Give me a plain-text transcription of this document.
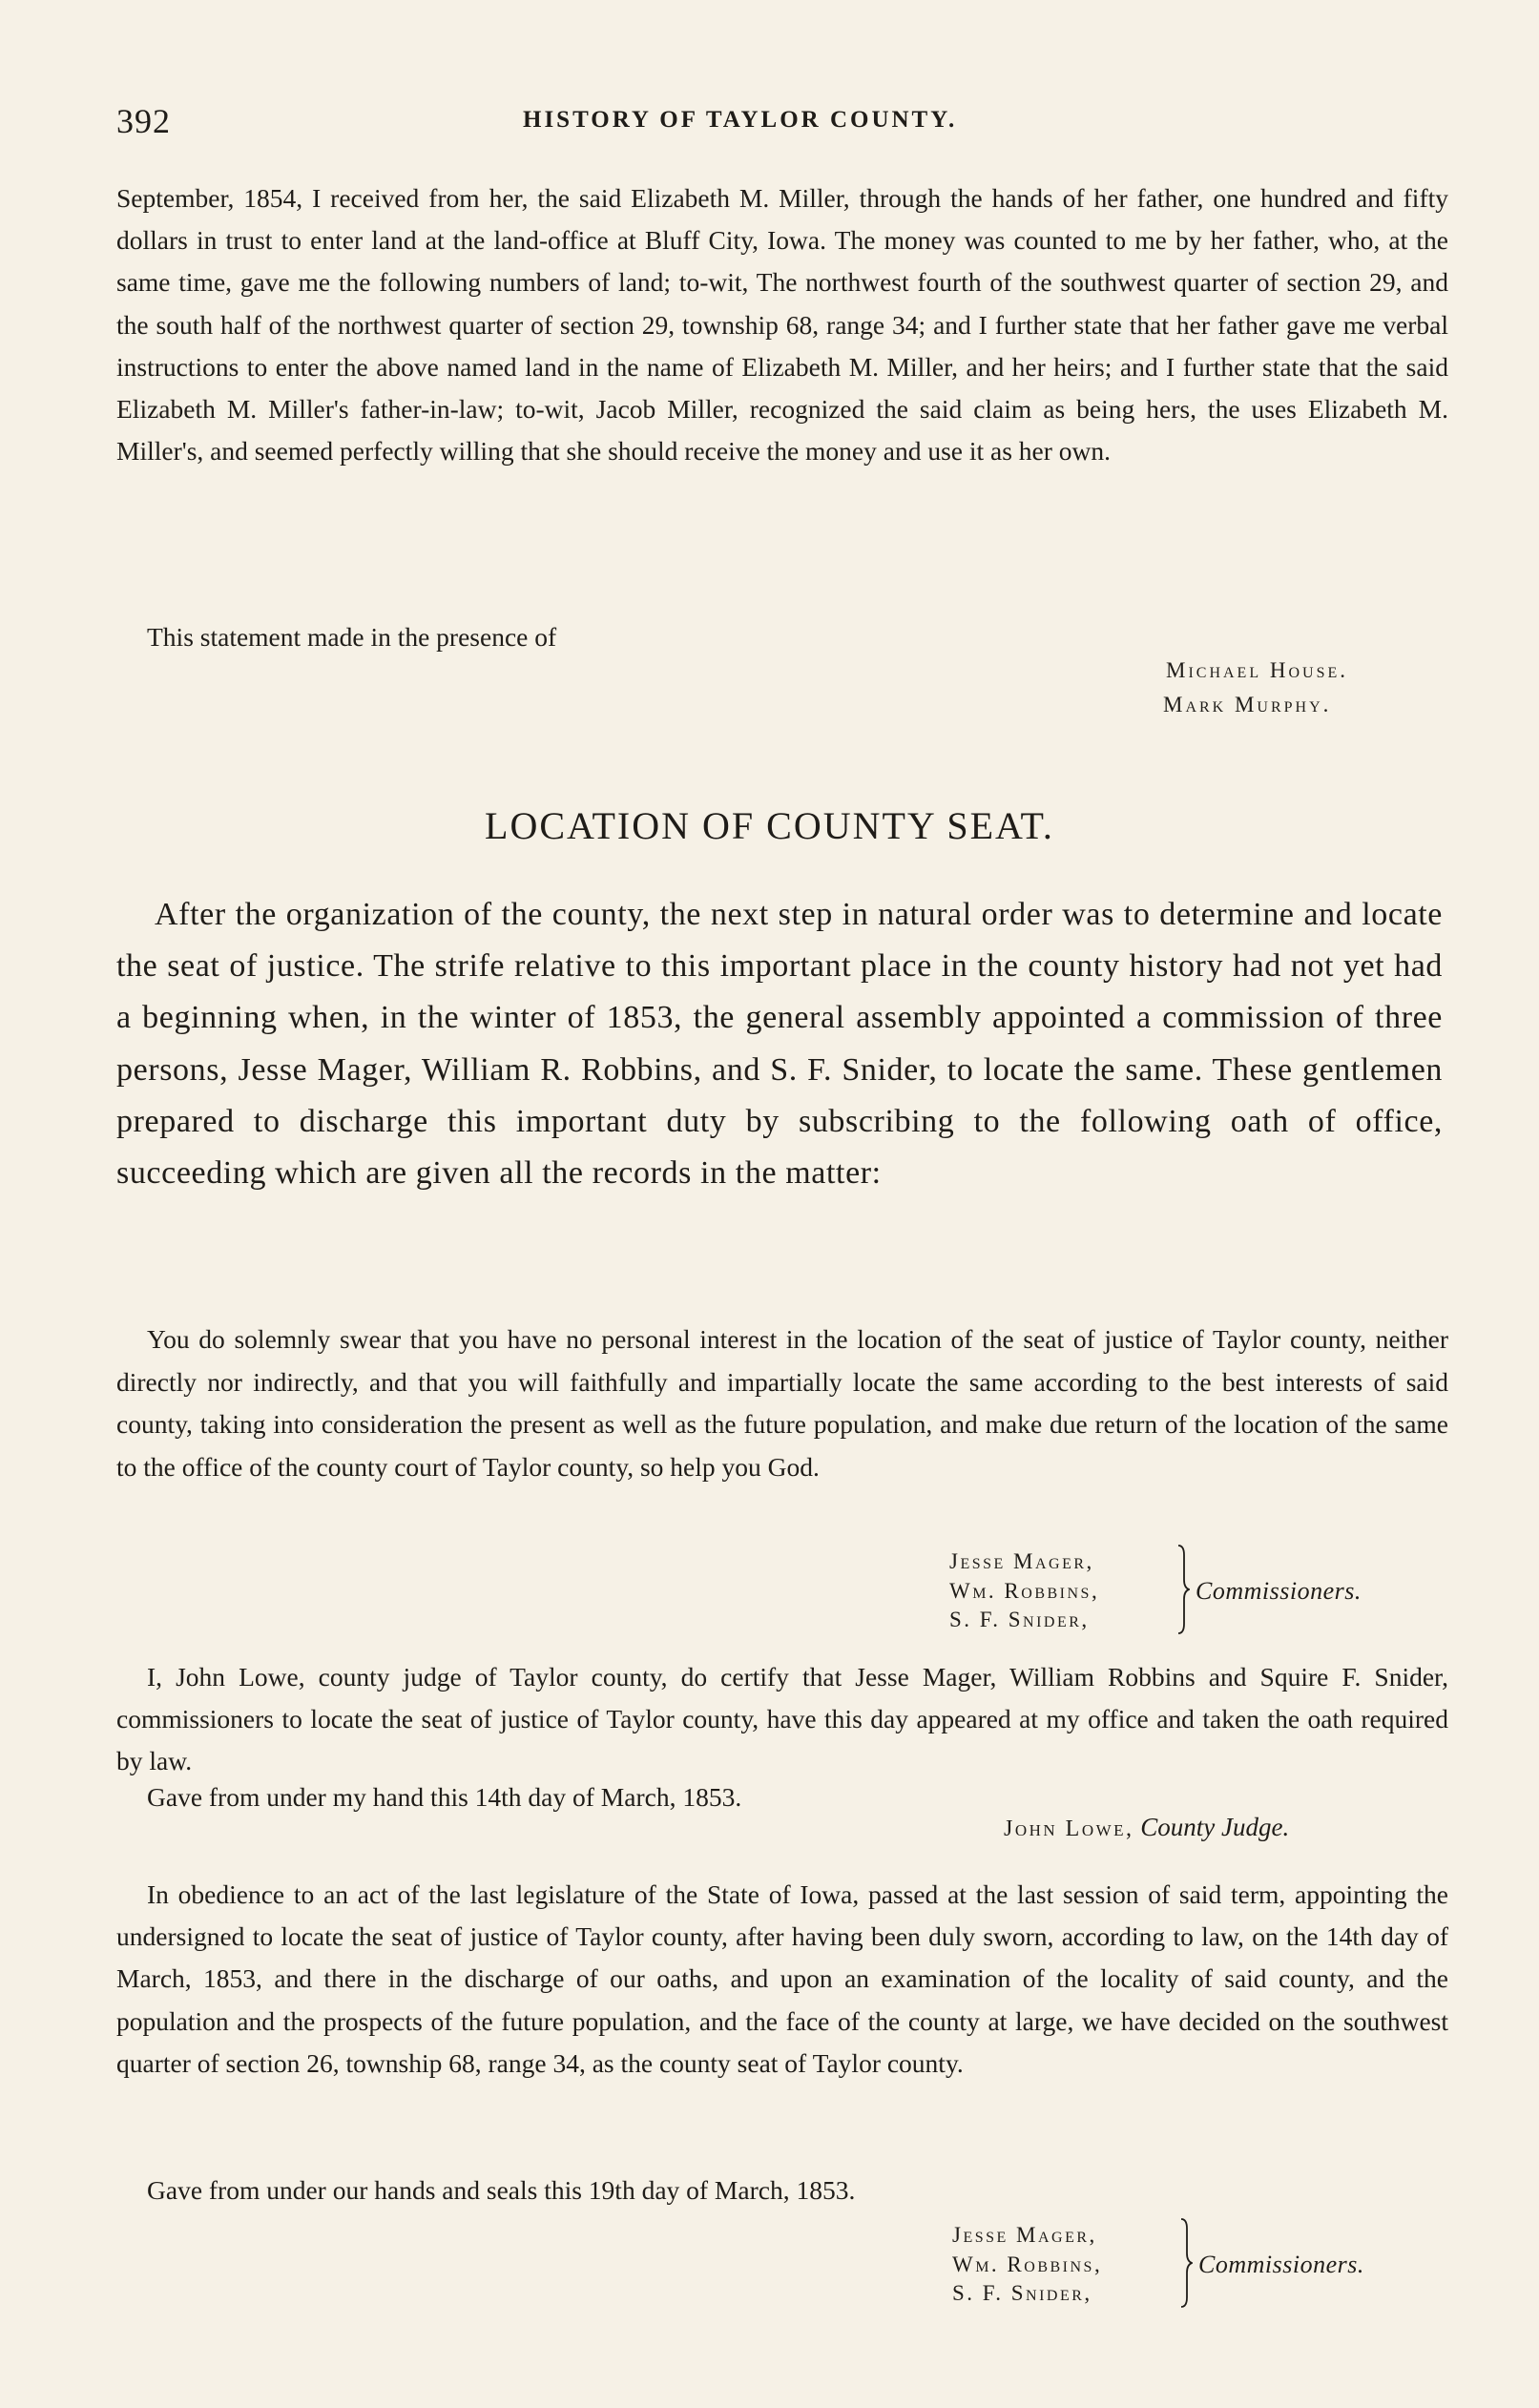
392	HISTORY OF TAYLOR COUNTY.

September, 1854, I received from her, the said Elizabeth M. Miller, through the hands of her father, one hundred and fifty dollars in trust to enter land at the land-office at Bluff City, Iowa. The money was counted to me by her father, who, at the same time, gave me the following numbers of land; to-wit, The northwest fourth of the southwest quarter of section 29, and the south half of the northwest quarter of section 29, township 68, range 34; and I further state that her father gave me verbal instructions to enter the above named land in the name of Elizabeth M. Miller, and her heirs; and I further state that the said Elizabeth M. Miller's father-in-law; to-wit, Jacob Miller, recognized the said claim as being hers, the uses Elizabeth M. Miller's, and seemed perfectly willing that she should receive the money and use it as her own.

This statement made in the presence of

Michael House.

Mark Murphy.

LOCATION OF COUNTY SEAT.

After the organization of the county, the next step in natural order was to determine and locate the seat of justice. The strife relative to this important place in the county history had not yet had a beginning when, in the winter of 1853, the general assembly appointed a commission of three persons, Jesse Mager, William R. Robbins, and S. F. Snider, to locate the same. These gentlemen prepared to discharge this important duty by subscribing to the following oath of office, succeeding which are given all the records in the matter:

You do solemnly swear that you have no personal interest in the location of the seat of justice of Taylor county, neither directly nor indirectly, and that you will faithfully and impartially locate the same according to the best interests of said county, taking into consideration the present as well as the future population, and make due return of the location of the same to the office of the county court of Taylor county, so help you God.

Jesse Mager,
Wm. Robbins,
S. F. Snider,
Commissioners.

I, John Lowe, county judge of Taylor county, do certify that Jesse Mager, William Robbins and Squire F. Snider, commissioners to locate the seat of justice of Taylor county, have this day appeared at my office and taken the oath required by law.

Gave from under my hand this 14th day of March, 1853.

John Lowe, County Judge.

In obedience to an act of the last legislature of the State of Iowa, passed at the last session of said term, appointing the undersigned to locate the seat of justice of Taylor county, after having been duly sworn, according to law, on the 14th day of March, 1853, and there in the discharge of our oaths, and upon an examination of the locality of said county, and the population and the prospects of the future population, and the face of the county at large, we have decided on the southwest quarter of section 26, township 68, range 34, as the county seat of Taylor county.

Gave from under our hands and seals this 19th day of March, 1853.

Jesse Mager,
Wm. Robbins,
S. F. Snider,
Commissioners.
